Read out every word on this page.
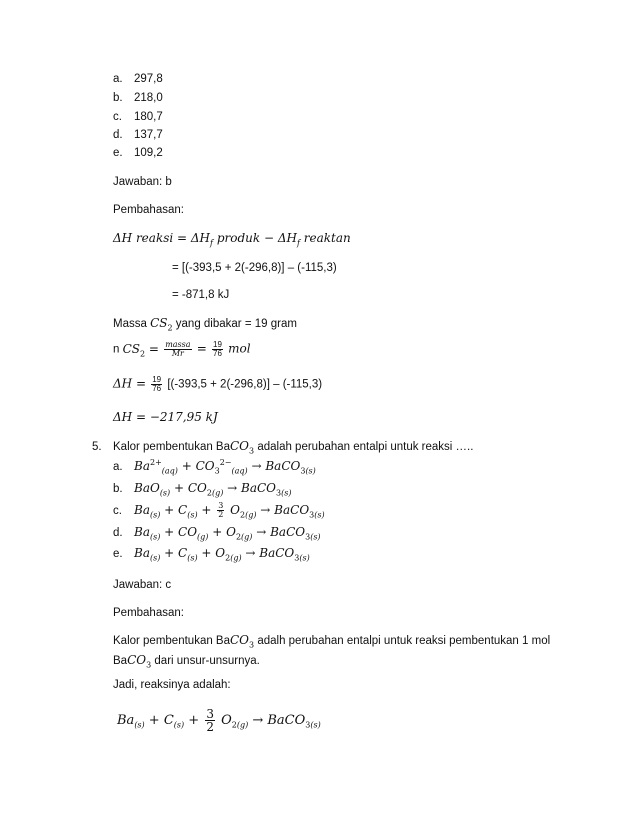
a. 297,8
b. 218,0
c. 180,7
d. 137,7
e. 109,2
Jawaban: b
Pembahasan:
ΔH reaksi = $\Delta H_f$ produk − $\Delta H_f$ reaktan
= [(-393,5 + 2(-296,8)] – (-115,3)
= -871,8 kJ
Massa $CS_2$ yang dibakar = 19 gram
n $CS_2 = \frac{\text{massa}}{Mr} = \frac{19}{76}$ mol
$\Delta H = \frac{19}{76} [(-393,5 + 2(-296,8)] - (-115,3)$
ΔH = −217,95 kJ
5. Kalor pembentukan BaCO$_3$ adalah perubahan entalpi untuk reaksi …..
a. $Ba^{2+}_{(aq)} + CO_3^{2-}_{(aq)}$ → BaCO$_{3(s)}$
b. $BaO_{(s)} + CO_{2(g)}$ → BaCO$_{3(s)}$
c. $Ba_{(s)} + C_{(s)} + \frac{3}{2} O_{2(g)}$ → BaCO$_{3(s)}$
d. $Ba_{(s)} + CO_{(g)} + O_{2(g)}$ → BaCO$_{3(s)}$
e. $Ba_{(s)} + C_{(s)} + O_{2(g)}$ → BaCO$_{3(s)}$
Jawaban: c
Pembahasan:
Kalor pembentukan BaCO$_3$ adalh perubahan entalpi untuk reaksi pembentukan 1 mol
BaCO$_3$ dari unsur-unsurnya.
Jadi, reaksinya adalah:
$Ba_{(s)} + C_{(s)} + \frac{3}{2} O_{2(g)}$ → BaCO$_{3(s)}$
